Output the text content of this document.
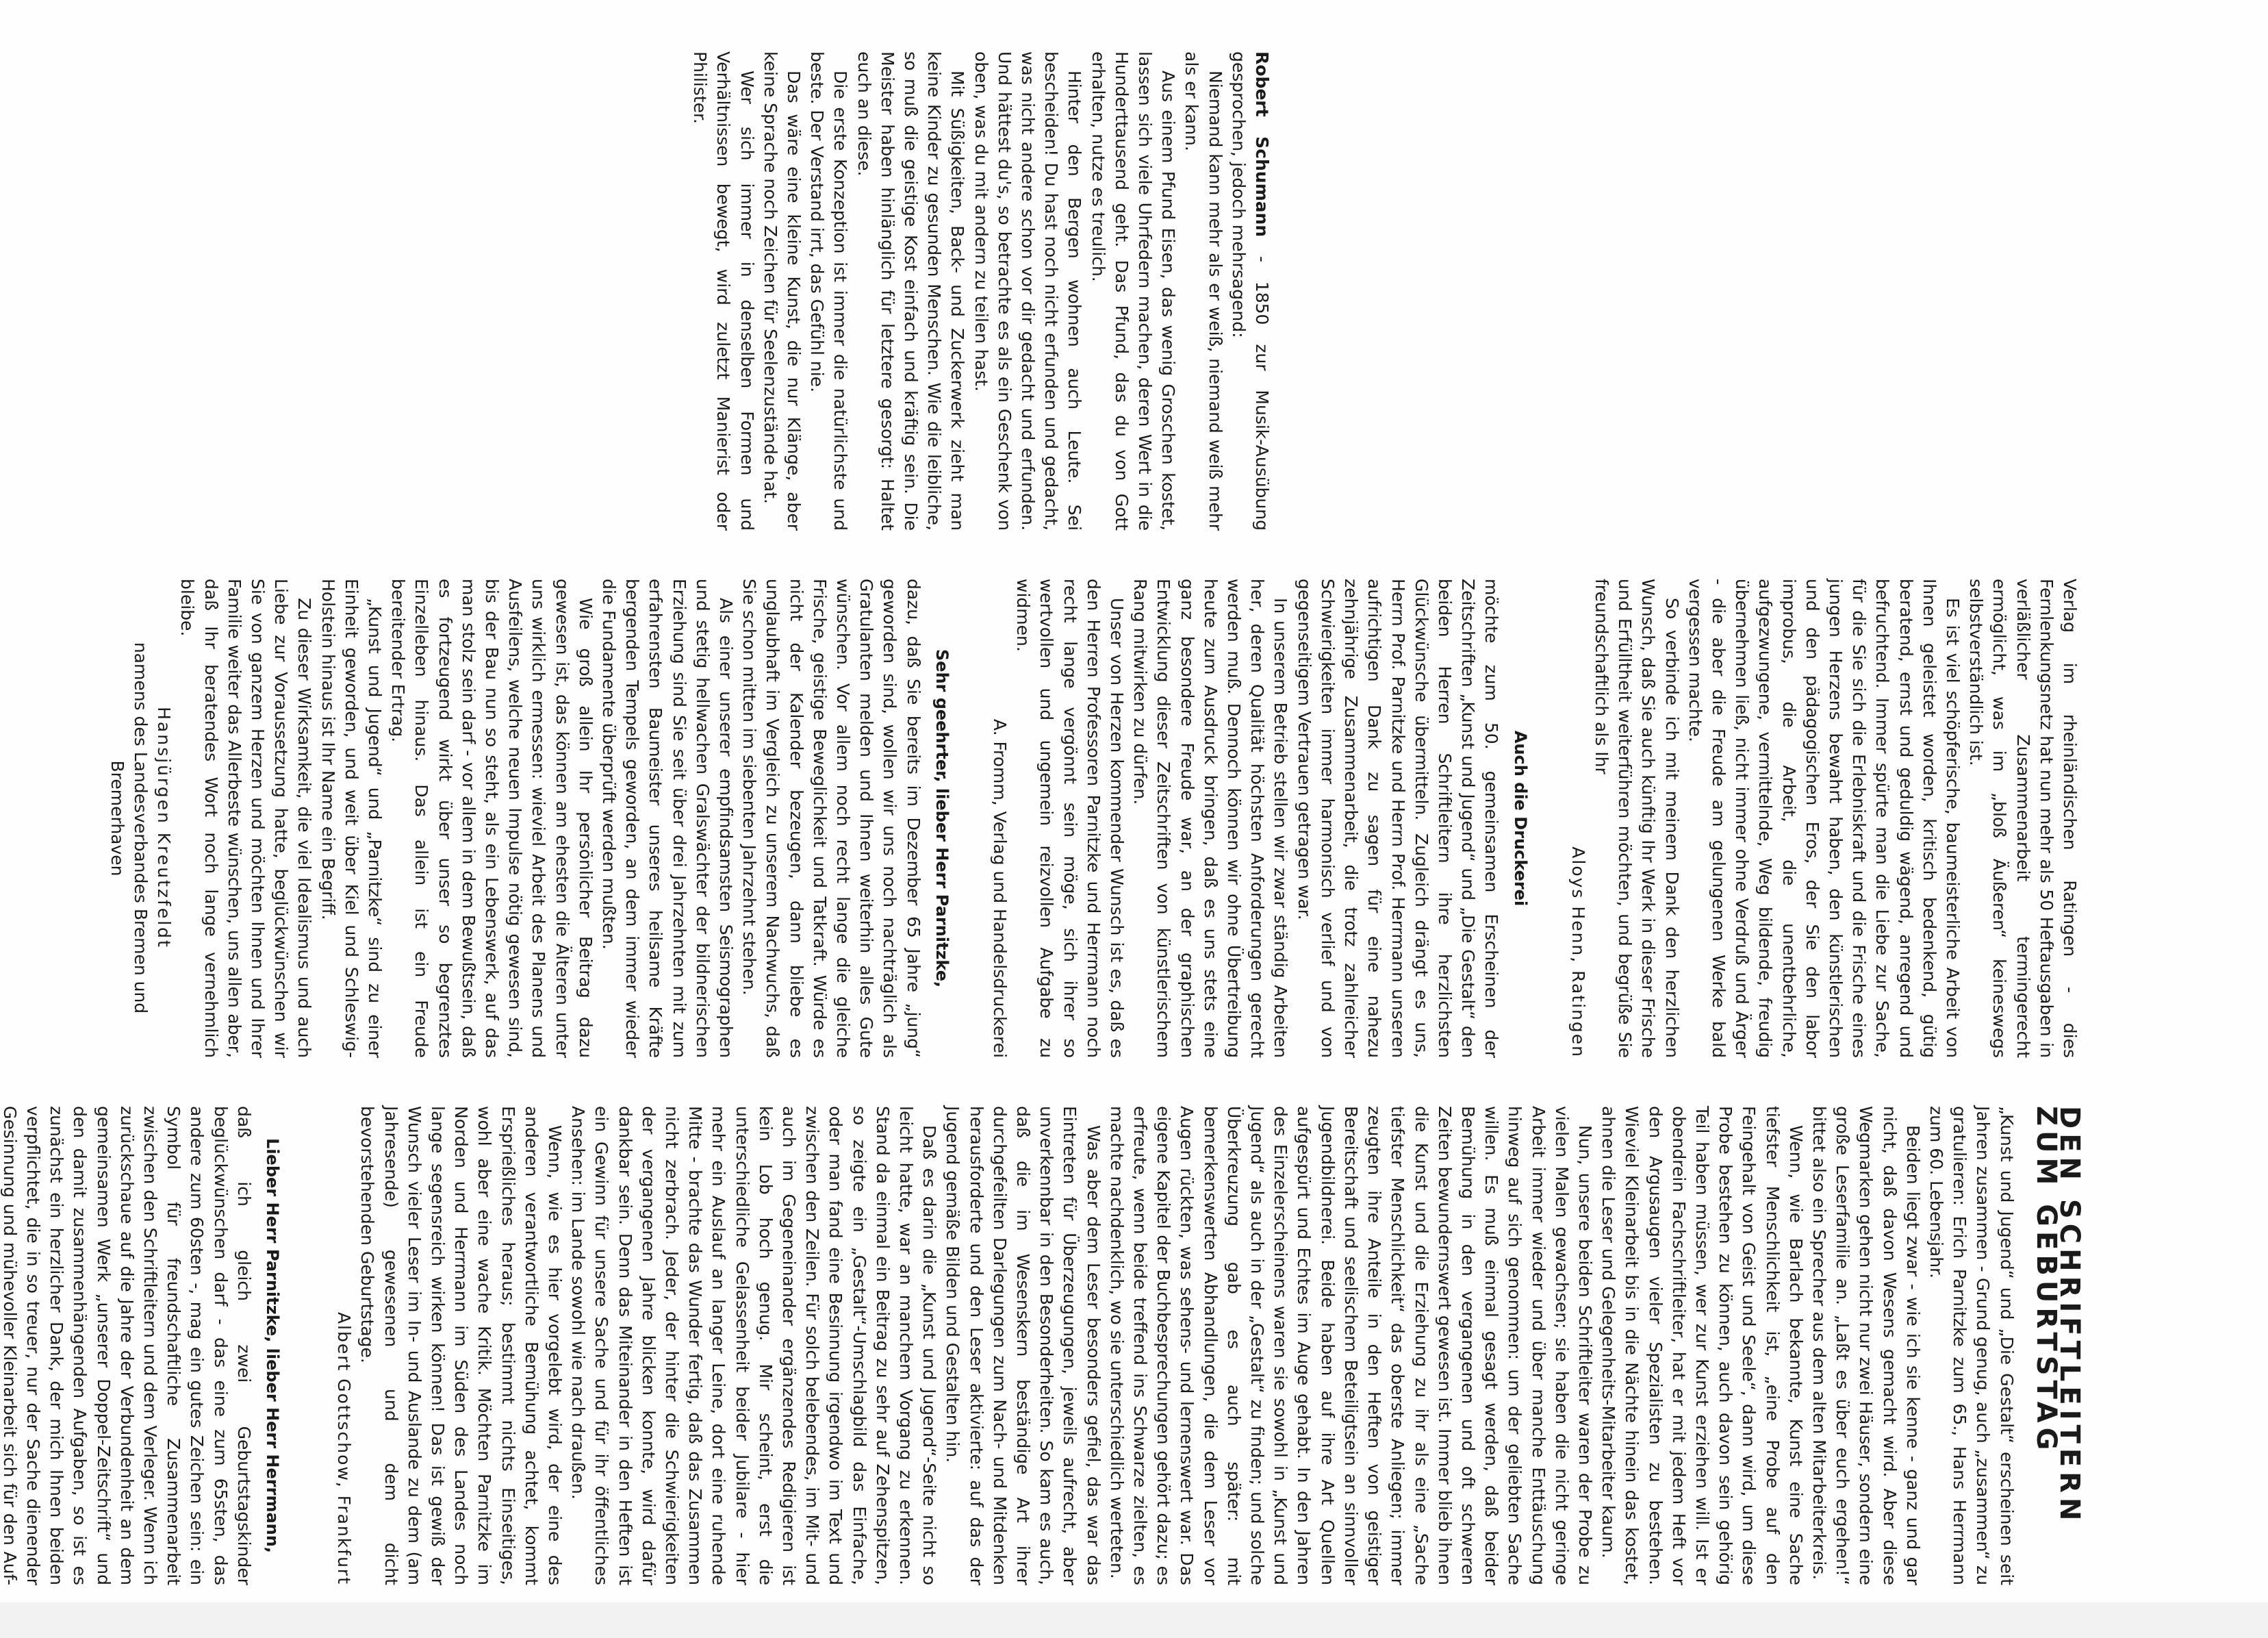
DEN SCHRIFTLEITERN ZUM GEBURTSTAG

„Kunst und Jugend“ und „Die Gestalt“ erscheinen seit Jahren zusammen - Grund genug, auch „zusammen“ zu gratulieren: Erich Parnitzke zum 65., Hans Herrmann zum 60. Lebensjahr.

Beiden liegt zwar - wie ich sie kenne - ganz und gar nicht, daß davon Wesens gemacht wird. Aber diese Wegmarken gehen nicht nur zwei Häuser, sondern eine große Leserfamilie an. „Laßt es über euch ergehen!“ bittet also ein Sprecher aus dem alten Mitarbeiterkreis.

Wenn, wie Barlach bekannte, Kunst eine Sache tiefster Menschlichkeit ist, „eine Probe auf den Feingehalt von Geist und Seele“, dann wird, um diese Probe bestehen zu können, auch davon sein gehörig Teil haben müssen, wer zur Kunst erziehen will. Ist er obendrein Fachschriftleiter, hat er mit jedem Heft vor den Argusaugen vieler Spezialisten zu bestehen. Wieviel Kleinarbeit bis in die Nächte hinein das kostet, ahnen die Leser und Gelegenheits-Mitarbeiter kaum.

Nun, unsere beiden Schriftleiter waren der Probe zu vielen Malen gewachsen; sie haben die nicht geringe Arbeit immer wieder und über manche Enttäuschung hinweg auf sich genommen: um der geliebten Sache willen. Es muß einmal gesagt werden, daß beider Bemühung in den vergangenen und oft schweren Zeiten bewundernswert gewesen ist. Immer blieb ihnen die Kunst und die Erziehung zu ihr als eine „Sache tiefster Menschlichkeit“ das oberste Anliegen; immer zeugten ihre Anteile in den Heften von geistiger Bereitschaft und seelischem Beteiligtsein an sinnvoller Jugendbildnerei. Beide haben auf ihre Art Quellen aufgespürt und Echtes im Auge gehabt. In den Jahren des Einzelerscheinens waren sie sowohl in „Kunst und Jugend“ als auch in der „Gestalt“ zu finden; und solche Überkreuzung gab es auch später: mit bemerkenswerten Abhandlungen, die dem Leser vor Augen rückten, was sehens- und lernenswert war. Das eigene Kapitel der Buchbesprechungen gehört dazu; es erfreute, wenn beide treffend ins Schwarze zielten, es machte nachdenklich, wo sie unterschiedlich werteten.

Was aber dem Leser besonders gefiel, das war das Eintreten für Überzeugungen, jeweils aufrecht, aber unverkennbar in den Besonderheiten. So kam es auch, daß die im Wesenskern beständige Art ihrer durchgefeilten Darlegungen zum Nach- und Mitdenken herausforderte und den Leser aktivierte: auf das der Jugend gemäße Bilden und Gestalten hin.

Daß es darin die „Kunst und Jugend“-Seite nicht so leicht hatte, war an manchem Vorgang zu erkennen. Stand da einmal ein Beitrag zu sehr auf Zehenspitzen, so zeigte ein „Gestalt“-Umschlagbild das Einfache, oder man fand eine Besinnung irgendwo im Text und zwischen den Zeilen. Für solch belebendes, im Mit- und auch im Gegeneinander ergänzendes Redigieren ist kein Lob hoch genug. Mir scheint, erst die unterschiedliche Gelassenheit beider Jubilare - hier mehr ein Auslauf an langer Leine, dort eine ruhende Mitte - brachte das Wunder fertig, daß das Zusammen nicht zerbrach. Jeder, der hinter die Schwierigkeiten der vergangenen Jahre blicken konnte, wird dafür dankbar sein. Denn das Miteinander in den Heften ist ein Gewinn für unsere Sache und für ihr öffentliches Ansehen: im Lande sowohl wie nach draußen.

Wenn, wie es hier vorgelebt wird, der eine des anderen verantwortliche Bemühung achtet, kommt Ersprießliches heraus; bestimmt nichts Einseitiges, wohl aber eine wache Kritik. Möchten Parnitzke im Norden und Herrmann im Süden des Landes noch lange segensreich wirken können! Das ist gewiß der Wunsch vieler Leser im In- und Auslande zu dem (am Jahresende) gewesenen und dem dicht bevorstehenden Geburtstage.

Albert Gottschow, Frankfurt

Lieber Herr Parnitzke, lieber Herr Herrmann,

daß ich gleich zwei Geburtstagskinder beglückwünschen darf - das eine zum 65sten, das andere zum 60sten -, mag ein gutes Zeichen sein: ein Symbol für freundschaftliche Zusammenarbeit zwischen den Schriftleitern und dem Verleger. Wenn ich zurückschaue auf die Jahre der Verbundenheit an dem gemeinsamen Werk „unserer Doppel-Zeitschrift“ und den damit zusammenhängenden Aufgaben, so ist es zunächst ein herzlicher Dank, der mich Ihnen beiden verpflichtet, die in so treuer, nur der Sache dienender Gesinnung und mühevoller Kleinarbeit sich für den Auf-

Verlag im rheinländischen Ratingen - dies Fernlenkungsnetz hat nun mehr als 50 Heftausgaben in verläßlicher Zusammenarbeit termingerecht ermöglicht, was im „bloß Äußeren“ keineswegs selbstverständlich ist.

Es ist viel schöpferische, baumeisterliche Arbeit von Ihnen geleistet worden, kritisch bedenkend, gütig beratend, ernst und geduldig wägend, anregend und befruchtend. Immer spürte man die Liebe zur Sache, für die Sie sich die Erlebniskraft und die Frische eines jungen Herzens bewahrt haben, den künstlerischen und den pädagogischen Eros, der Sie den labor improbus, die Arbeit, die unentbehrliche, aufgezwungene, vermittelnde, Weg bildende, freudig übernehmen ließ, nicht immer ohne Verdruß und Ärger - die aber die Freude am gelungenen Werke bald vergessen machte.

So verbinde ich mit meinem Dank den herzlichen Wunsch, daß Sie auch künftig Ihr Werk in dieser Frische und Erfülltheit weiterführen möchten, und begrüße Sie freundschaftlich als Ihr

Aloys Henn, Ratingen

Auch die Druckerei

möchte zum 50. gemeinsamen Erscheinen der Zeitschriften „Kunst und Jugend“ und „Die Gestalt“ den beiden Herren Schriftleitern ihre herzlichsten Glückwünsche übermitteln. Zugleich drängt es uns, Herrn Prof. Parnitzke und Herrn Prof. Herrmann unseren aufrichtigen Dank zu sagen für eine nahezu zehnjährige Zusammenarbeit, die trotz zahlreicher Schwierigkeiten immer harmonisch verlief und von gegenseitigem Vertrauen getragen war.

In unserem Betrieb stellen wir zwar ständig Arbeiten her, deren Qualität höchsten Anforderungen gerecht werden muß. Dennoch können wir ohne Übertreibung heute zum Ausdruck bringen, daß es uns stets eine ganz besondere Freude war, an der graphischen Entwicklung dieser Zeitschriften von künstlerischem Rang mitwirken zu dürfen.

Unser von Herzen kommender Wunsch ist es, daß es den Herren Professoren Parnitzke und Herrmann noch recht lange vergönnt sein möge, sich ihrer so wertvollen und ungemein reizvollen Aufgabe zu widmen.

A. Fromm, Verlag und Handelsdruckerei

Sehr geehrter, lieber Herr Parnitzke,

dazu, daß Sie bereits im Dezember 65 Jahre „jung“ geworden sind, wollen wir uns noch nachträglich als Gratulanten melden und Ihnen weiterhin alles Gute wünschen. Vor allem noch recht lange die gleiche Frische, geistige Beweglichkeit und Tatkraft. Würde es nicht der Kalender bezeugen, dann bliebe es unglaubhaft im Vergleich zu unserem Nachwuchs, daß Sie schon mitten im siebenten Jahrzehnt stehen.

Als einer unserer empfindsamsten Seismographen und stetig hellwachen Gralswächter der bildnerischen Erziehung sind Sie seit über drei Jahrzehnten mit zum erfahrensten Baumeister unseres heilsame Kräfte bergenden Tempels geworden, an dem immer wieder die Fundamente überprüft werden mußten.

Wie groß allein Ihr persönlicher Beitrag dazu gewesen ist, das können am ehesten die Älteren unter uns wirklich ermessen: wieviel Arbeit des Planens und Ausfeilens, welche neuen Impulse nötig gewesen sind, bis der Bau nun so steht, als ein Lebenswerk, auf das man stolz sein darf - vor allem in dem Bewußtsein, daß es fortzeugend wirkt über unser so begrenztes Einzelleben hinaus. Das allein ist ein Freude bereitender Ertrag.

„Kunst und Jugend“ und „Parnitzke“ sind zu einer Einheit geworden, und weit über Kiel und Schleswig-Holstein hinaus ist Ihr Name ein Begriff.

Zu dieser Wirksamkeit, die viel Idealismus und auch Liebe zur Voraussetzung hatte, beglückwünschen wir Sie von ganzem Herzen und möchten Ihnen und Ihrer Familie weiter das Allerbeste wünschen, uns allen aber, daß Ihr beratendes Wort noch lange vernehmlich bleibe.

Hansjürgen Kreutzfeldt

namens des Landesverbandes Bremen und Bremerhaven

Robert Schumann - 1850 zur Musik-Ausübung gesprochen, jedoch mehrsagend:

Niemand kann mehr als er weiß, niemand weiß mehr als er kann.

Aus einem Pfund Eisen, das wenig Groschen kostet, lassen sich viele Uhrfedern machen, deren Wert in die Hunderttausend geht. Das Pfund, das du von Gott erhalten, nutze es treulich.

Hinter den Bergen wohnen auch Leute. Sei bescheiden! Du hast noch nicht erfunden und gedacht, was nicht andere schon vor dir gedacht und erfunden. Und hättest du's, so betrachte es als ein Geschenk von oben, was du mit andern zu teilen hast.

Mit Süßigkeiten, Back- und Zuckerwerk zieht man keine Kinder zu gesunden Menschen. Wie die leibliche, so muß die geistige Kost einfach und kräftig sein. Die Meister haben hinlänglich für letztere gesorgt: Haltet euch an diese.

Die erste Konzeption ist immer die natürlichste und beste. Der Verstand irrt, das Gefühl nie.

Das wäre eine kleine Kunst, die nur Klänge, aber keine Sprache noch Zeichen für Seelenzustände hat.

Wer sich immer in denselben Formen und Verhältnissen bewegt, wird zuletzt Manierist oder Philister.
